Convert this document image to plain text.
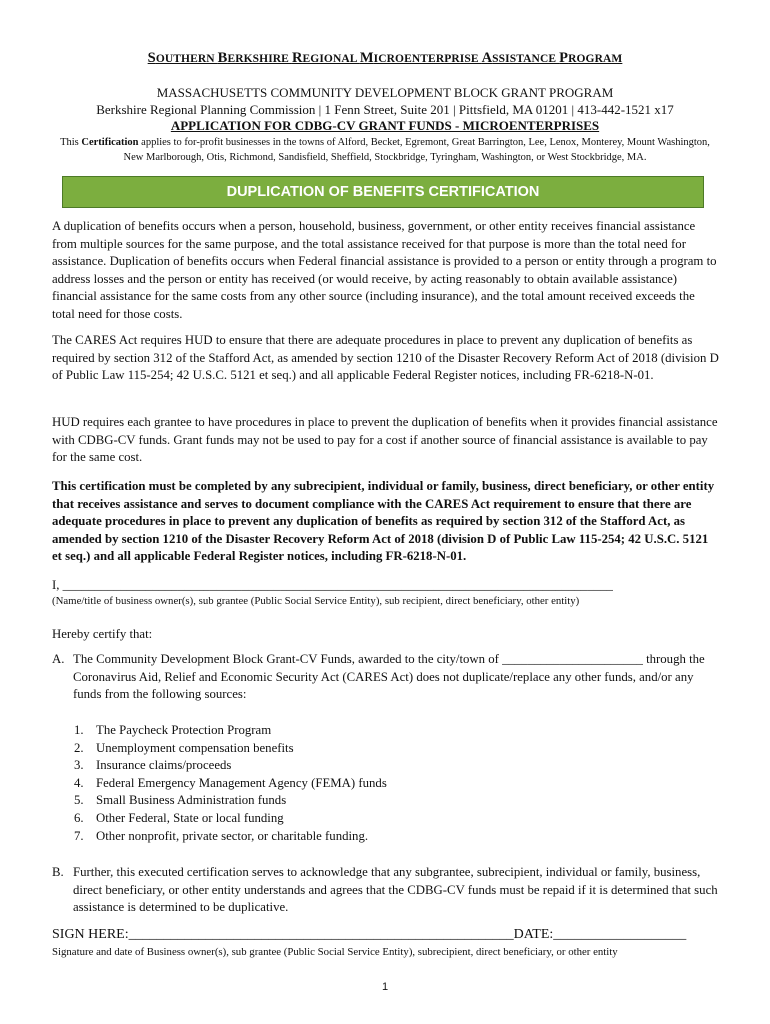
SOUTHERN BERKSHIRE REGIONAL MICROENTERPRISE ASSISTANCE PROGRAM
MASSACHUSETTS COMMUNITY DEVELOPMENT BLOCK GRANT PROGRAM
Berkshire Regional Planning Commission | 1 Fenn Street, Suite 201 | Pittsfield, MA 01201 | 413-442-1521 x17
APPLICATION FOR CDBG-CV GRANT FUNDS - MICROENTERPRISES
This Certification applies to for-profit businesses in the towns of Alford, Becket, Egremont, Great Barrington, Lee, Lenox, Monterey, Mount Washington, New Marlborough, Otis, Richmond, Sandisfield, Sheffield, Stockbridge, Tyringham, Washington, or West Stockbridge, MA.
DUPLICATION OF BENEFITS CERTIFICATION

A duplication of benefits occurs when a person, household, business, government, or other entity receives financial assistance from multiple sources for the same purpose, and the total assistance received for that purpose is more than the total need for assistance. Duplication of benefits occurs when Federal financial assistance is provided to a person or entity through a program to address losses and the person or entity has received (or would receive, by acting reasonably to obtain available assistance) financial assistance for the same costs from any other source (including insurance), and the total amount received exceeds the total need for those costs.

The CARES Act requires HUD to ensure that there are adequate procedures in place to prevent any duplication of benefits as required by section 312 of the Stafford Act, as amended by section 1210 of the Disaster Recovery Reform Act of 2018 (division D of Public Law 115-254; 42 U.S.C. 5121 et seq.) and all applicable Federal Register notices, including FR-6218-N-01.

HUD requires each grantee to have procedures in place to prevent the duplication of benefits when it provides financial assistance with CDBG-CV funds. Grant funds may not be used to pay for a cost if another source of financial assistance is available to pay for the same cost.

This certification must be completed by any subrecipient, individual or family, business, direct beneficiary, or other entity that receives assistance and serves to document compliance with the CARES Act requirement to ensure that there are adequate procedures in place to prevent any duplication of benefits as required by section 312 of the Stafford Act, as amended by section 1210 of the Disaster Recovery Reform Act of 2018 (division D of Public Law 115-254; 42 U.S.C. 5121 et seq.) and all applicable Federal Register notices, including FR-6218-N-01.

I, ______________________________________________________________________________________
(Name/title of business owner(s), sub grantee (Public Social Service Entity), sub recipient, direct beneficiary, other entity)
Hereby certify that:
A. The Community Development Block Grant-CV Funds, awarded to the city/town of ______________________ through the Coronavirus Aid, Relief and Economic Security Act (CARES Act) does not duplicate/replace any other funds, and/or any funds from the following sources:
1. The Paycheck Protection Program
2. Unemployment compensation benefits
3. Insurance claims/proceeds
4. Federal Emergency Management Agency (FEMA) funds
5. Small Business Administration funds
6. Other Federal, State or local funding
7. Other nonprofit, private sector, or charitable funding.
B. Further, this executed certification serves to acknowledge that any subgrantee, subrecipient, individual or family, business, direct beneficiary, or other entity understands and agrees that the CDBG-CV funds must be repaid if it is determined that such assistance is determined to be duplicative.
SIGN HERE:_______________________________________________________DATE:___________________
Signature and date of Business owner(s), sub grantee (Public Social Service Entity), subrecipient, direct beneficiary, or other entity
1
